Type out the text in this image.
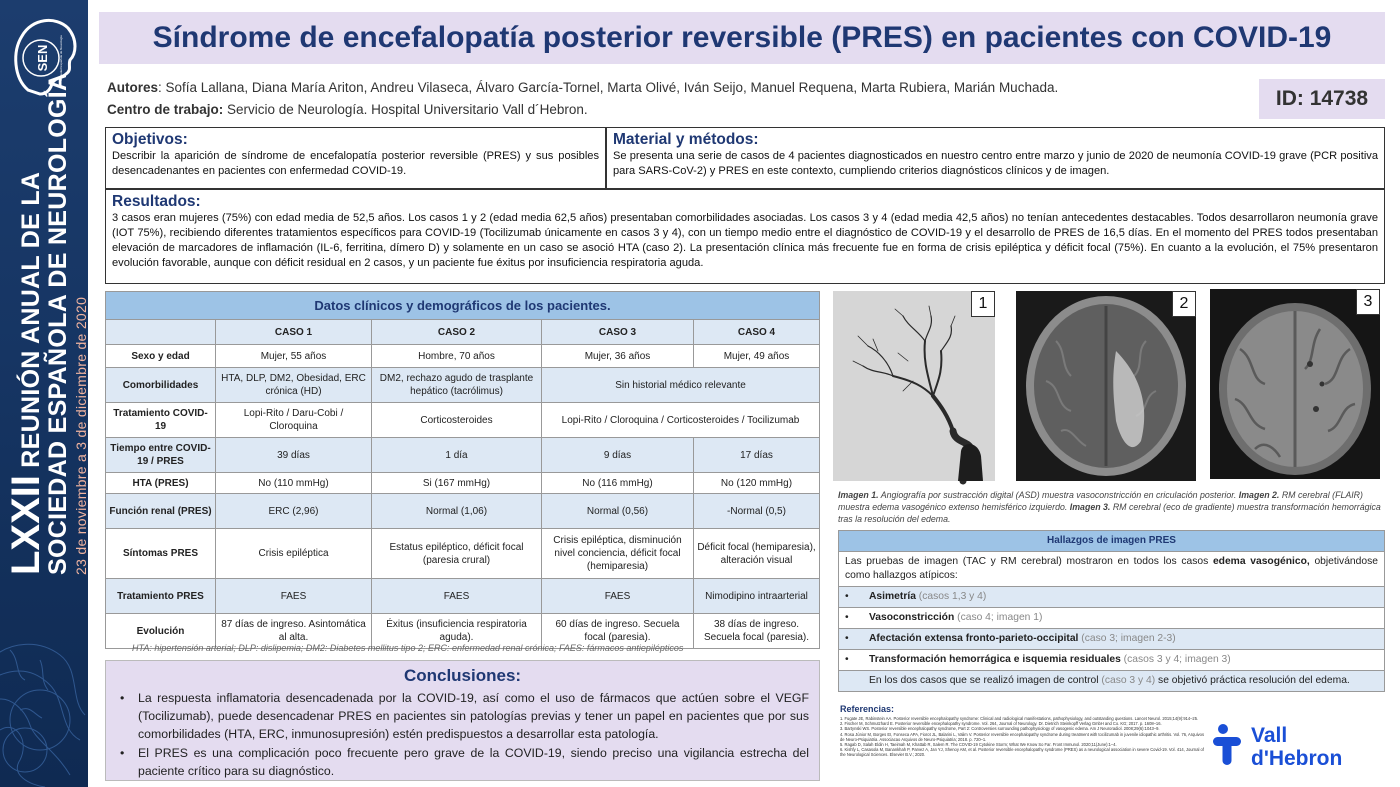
SEN	Sociedad Española de Neurología
LXXII REUNIÓN ANUAL DE LA
SOCIEDAD ESPAÑOLA DE NEUROLOGÍA 23 de noviembre a 3 de diciembre de 2020
Síndrome de encefalopatía posterior reversible (PRES) en pacientes con COVID-19
Autores: Sofía Lallana, Diana María Ariton, Andreu Vilaseca, Álvaro García-Tornel, Marta Olivé, Iván Seijo, Manuel Requena, Marta Rubiera, Marián Muchada.
Centro de trabajo: Servicio de Neurología. Hospital Universitario Vall d´Hebron.	ID: 14738
Objetivos:

Describir la aparición de síndrome de encefalopatía posterior reversible (PRES) y sus posibles desencadenantes en pacientes con enfermedad COVID-19.

Material y métodos:

Se presenta una serie de casos de 4 pacientes diagnosticados en nuestro centro entre marzo y junio de 2020 de neumonía COVID-19 grave (PCR positiva para SARS-CoV-2) y PRES en este contexto, cumpliendo criterios diagnósticos clínicos y de imagen.

Resultados:

3 casos eran mujeres (75%) con edad media de 52,5 años. Los casos 1 y 2 (edad media 62,5 años) presentaban comorbilidades asociadas. Los casos 3 y 4 (edad media 42,5 años) no tenían antecedentes destacables. Todos desarrollaron neumonía grave (IOT 75%), recibiendo diferentes tratamientos específicos para COVID-19 (Tocilizumab únicamente en casos 3 y 4), con un tiempo medio entre el diagnóstico de COVID-19 y el desarrollo de PRES de 16,5 días. En el momento del PRES todos presentaban elevación de marcadores de inflamación (IL-6, ferritina, dímero D) y solamente en un caso se asoció HTA (caso 2). La presentación clínica más frecuente fue en forma de crisis epiléptica y déficit focal (75%). En cuanto a la evolución, el 75% presentaron evolución favorable, aunque con déficit residual en 2 casos, y un paciente fue éxitus por insuficiencia respiratoria aguda.

Datos clínicos y demográficos de los pacientes.				
	CASO 1	CASO 2	CASO 3	CASO 4
Sexo y edad	Mujer, 55 años	Hombre, 70 años	Mujer, 36 años	Mujer, 49 años
Comorbilidades	HTA, DLP, DM2, Obesidad, ERC crónica (HD)	DM2, rechazo agudo de trasplante hepático (tacrólimus)	Sin historial médico relevante	
Tratamiento COVID-19	Lopi-Rito / Daru-Cobi / Cloroquina	Corticosteroides	Lopi-Rito / Cloroquina / Corticosteroides / Tocilizumab	
Tiempo entre COVID-19 / PRES	39 días	1 día	9 días	17 días
HTA (PRES)	No (110 mmHg)	Si (167 mmHg)	No (116 mmHg)	No (120 mmHg)
Función renal (PRES)	ERC (2,96)	Normal (1,06)	Normal (0,56)	-Normal (0,5)
Síntomas PRES	Crisis epiléptica	Estatus epiléptico, déficit focal (paresia crural)	Crisis epiléptica, disminución nivel conciencia, déficit focal (hemiparesia)	Déficit focal (hemiparesia), alteración visual
Tratamiento PRES	FAES	FAES	FAES	Nimodipino intraarterial
Evolución	87 días de ingreso. Asintomática al alta.	Éxitus (insuficiencia respiratoria aguda).	60 días de ingreso. Secuela focal (paresia).	38 días de ingreso. Secuela focal (paresia).
HTA: hipertensión arterial; DLP: dislipemia; DM2: Diabetes mellitus tipo 2; ERC: enfermedad renal crónica; FAES: fármacos antiepilépticos
Conclusiones:
• La respuesta inflamatoria desencadenada por la COVID-19, así como el uso de fármacos que actúen sobre el VEGF (Tocilizumab), puede desencadenar PRES en pacientes sin patologías previas y tener un papel en pacientes que por sus comorbilidades (HTA, ERC, inmunosupresión) estén predispuestos a desarrollar esta patología.
• El PRES es una complicación poco frecuente pero grave de la COVID-19, siendo preciso una vigilancia estrecha del paciente crítico para su diagnóstico.
1	2	3
Imagen 1. Angiografía por sustracción digital (ASD) muestra vasoconstricción en criculación posterior. Imagen 2. RM cerebral (FLAIR) muestra edema vasogénico extenso hemisférico izquierdo. Imagen 3. RM cerebral (eco de gradiente) muestra transformación hemorrágica tras la resolución del edema.
Hallazgos de imagen PRES
Las pruebas de imagen (TAC y RM cerebral) mostraron en todos los casos edema vasogénico, objetivándose como hallazgos atípicos:
• Asimetría (casos 1,3 y 4)
• Vasoconstricción (caso 4; imagen 1)
• Afectación extensa fronto-parieto-occipital (caso 3; imagen 2-3)
• Transformación hemorrágica e isquemia residuales (casos 3 y 4; imagen 3)
En los dos casos que se realizó imagen de control (caso 3 y 4) se objetivó práctica resolución del edema.
Referencias:

1. Fugate JE, Rabinstein AA. Posterior reversible encephalopathy syndrome: Clinical and radiological manifestations, pathophysiology, and outstanding questions. Lancet Neurol. 2015;14(9):914–25.

2. Fischer M, Schmutzhard E. Posterior reversible encephalopathy syndrome. Vol. 264, Journal of Neurology. Dr. Dietrich Steinkopff Verlag GmbH and Co. KG; 2017. p. 1608–16.

3. Bartynski WS. Posterior reversible encephalopathy syndrome, Part 2: Controversies surrounding pathophysiology of vasogenic edema. Am J Neuroradiol. 2008;29(6):1043–9.

4. Rosa Júnior M, Borges EI, Fonseca APA, Fiorot JL, Balarini L, Valim V. Posterior reversible encephalopathy syndrome during treatment with tocilizumab in juvenile idiopathic arthritis. Vol. 76, Arquivos de Neuro-Psiquiatria. Associacao Arquivos de Neuro-Psiquiatria; 2018. p. 720–1.

5. Ragab D, Salah Eldin H, Taeimah M, Khattab R, Salem R. The COVID-19 Cytokine Storm; What We Know So Far. Front Immunol. 2020;11(June):1–4.

6. Kishfy L, Casasola M, Banankhah P, Parvez A, Jan YJ, Shenoy AM, et al. Posterior reversible encephalopathy syndrome (PRES) as a neurological association in severe Covid-19. Vol. 414, Journal of the Neurological Sciences. Elsevier B.V.; 2020.

Vall
d'Hebron
